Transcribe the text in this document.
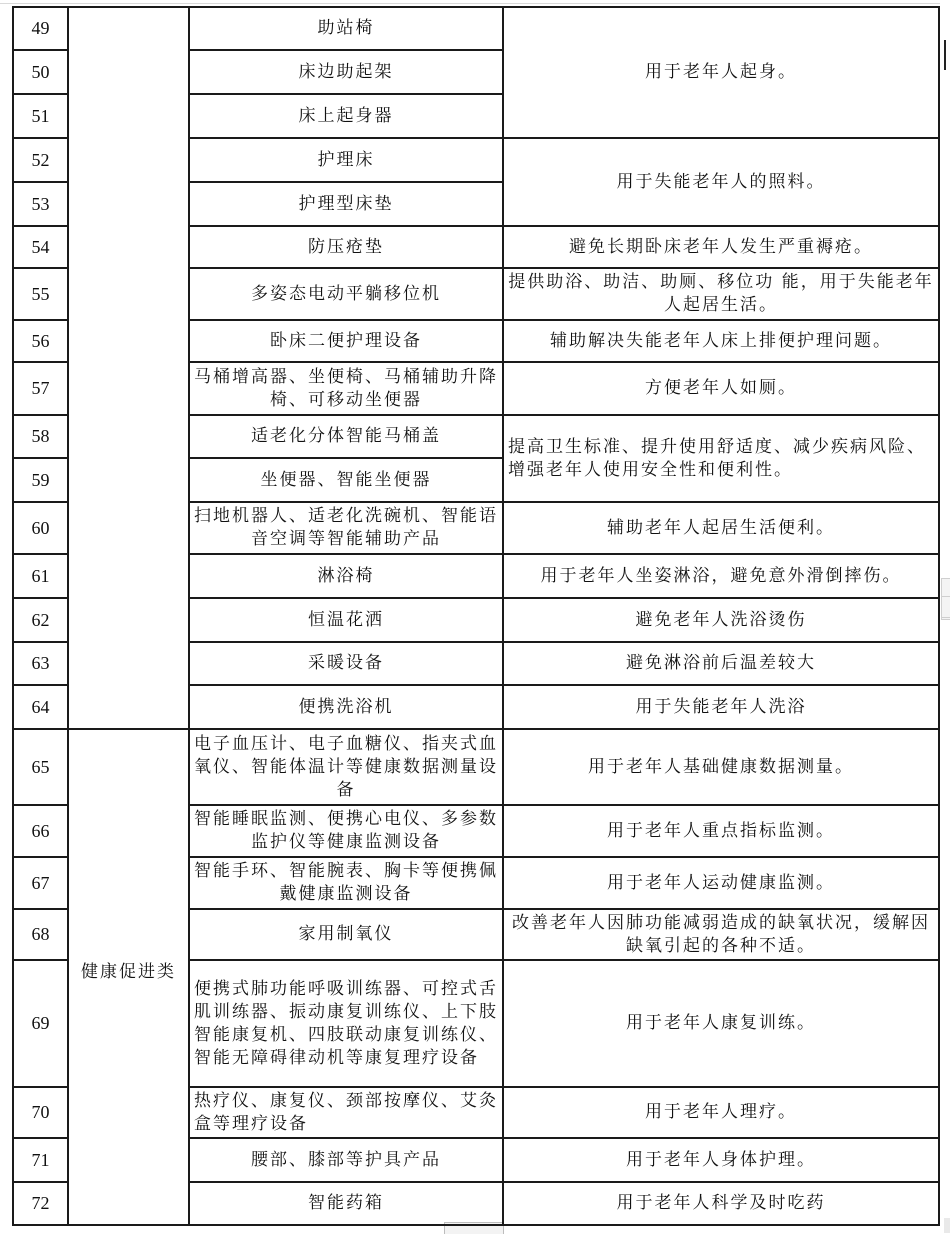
49		助站椅	用于老年人起身。
50		床边助起架	
51		床上起身器	
52		护理床	用于失能老年人的照料。
53		护理型床垫	
54		防压疮垫	避免长期卧床老年人发生严重褥疮。
55		多姿态电动平躺移位机	提供助浴、助洁、助厕、移位功 能，用于失能老年人起居生活。
56		卧床二便护理设备	辅助解决失能老年人床上排便护理问题。
57		马桶增高器、坐便椅、马桶辅助升降椅、可移动坐便器	方便老年人如厕。
58		适老化分体智能马桶盖	提高卫生标准、提升使用舒适度、减少疾病风险、增强老年人使用安全性和便利性。
59		坐便器、智能坐便器	
60		扫地机器人、适老化洗碗机、智能语音空调等智能辅助产品	辅助老年人起居生活便利。
61		淋浴椅	用于老年人坐姿淋浴，避免意外滑倒摔伤。
62		恒温花洒	避免老年人洗浴烫伤
63		采暖设备	避免淋浴前后温差较大
64		便携洗浴机	用于失能老年人洗浴
65	健康促进类	电子血压计、电子血糖仪、指夹式血氧仪、智能体温计等健康数据测量设备	用于老年人基础健康数据测量。
66		智能睡眠监测、便携心电仪、多参数监护仪等健康监测设备	用于老年人重点指标监测。
67		智能手环、智能腕表、胸卡等便携佩戴健康监测设备	用于老年人运动健康监测。
68		家用制氧仪	改善老年人因肺功能减弱造成的缺氧状况，缓解因缺氧引起的各种不适。
69		便携式肺功能呼吸训练器、可控式舌肌训练器、振动康复训练仪、上下肢智能康复机、四肢联动康复训练仪、智能无障碍律动机等康复理疗设备	用于老年人康复训练。
70		热疗仪、康复仪、颈部按摩仪、艾灸盒等理疗设备	用于老年人理疗。
71		腰部、膝部等护具产品	用于老年人身体护理。
72		智能药箱	用于老年人科学及时吃药
